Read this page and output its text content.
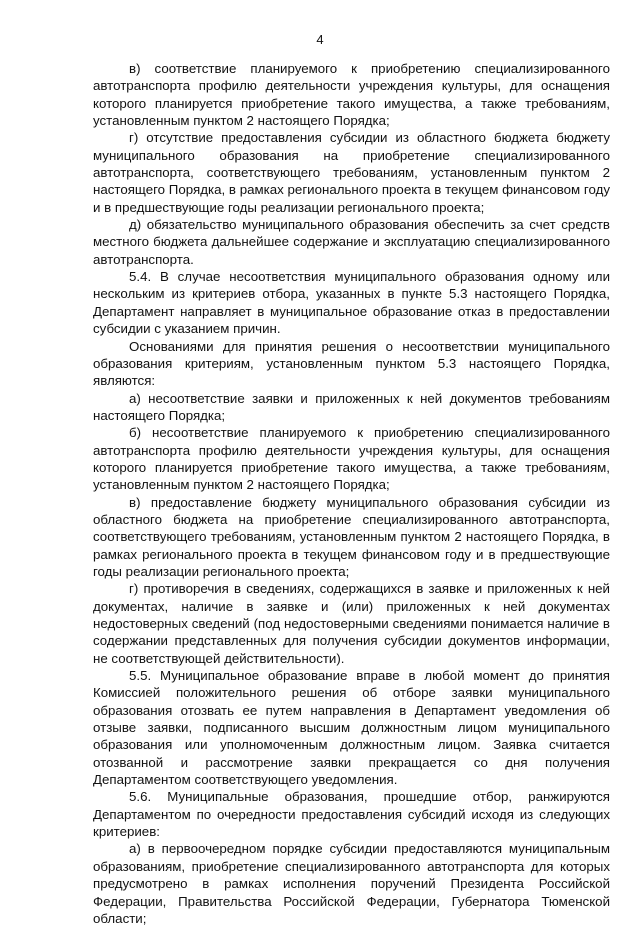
4

в) соответствие планируемого к приобретению специализированного автотранспорта профилю деятельности учреждения культуры, для оснащения которого планируется приобретение такого имущества, а также требованиям, установленным пунктом 2 настоящего Порядка;

г) отсутствие предоставления субсидии из областного бюджета бюджету муниципального образования на приобретение специализированного автотранспорта, соответствующего требованиям, установленным пунктом 2 настоящего Порядка, в рамках регионального проекта в текущем финансовом году и в предшествующие годы реализации регионального проекта;

д) обязательство муниципального образования обеспечить за счет средств местного бюджета дальнейшее содержание и эксплуатацию специализированного автотранспорта.

5.4. В случае несоответствия муниципального образования одному или нескольким из критериев отбора, указанных в пункте 5.3 настоящего Порядка, Департамент направляет в муниципальное образование отказ в предоставлении субсидии с указанием причин.

Основаниями для принятия решения о несоответствии муниципального образования критериям, установленным пунктом 5.3 настоящего Порядка, являются:

а) несоответствие заявки и приложенных к ней документов требованиям настоящего Порядка;

б) несоответствие планируемого к приобретению специализированного автотранспорта профилю деятельности учреждения культуры, для оснащения которого планируется приобретение такого имущества, а также требованиям, установленным пунктом 2 настоящего Порядка;

в) предоставление бюджету муниципального образования субсидии из областного бюджета на приобретение специализированного автотранспорта, соответствующего требованиям, установленным пунктом 2 настоящего Порядка, в рамках регионального проекта в текущем финансовом году и в предшествующие годы реализации регионального проекта;

г) противоречия в сведениях, содержащихся в заявке и приложенных к ней документах, наличие в заявке и (или) приложенных к ней документах недостоверных сведений (под недостоверными сведениями понимается наличие в содержании представленных для получения субсидии документов информации, не соответствующей действительности).

5.5. Муниципальное образование вправе в любой момент до принятия Комиссией положительного решения об отборе заявки муниципального образования отозвать ее путем направления в Департамент уведомления об отзыве заявки, подписанного высшим должностным лицом муниципального образования или уполномоченным должностным лицом. Заявка считается отозванной и рассмотрение заявки прекращается со дня получения Департаментом соответствующего уведомления.

5.6. Муниципальные образования, прошедшие отбор, ранжируются Департаментом по очередности предоставления субсидий исходя из следующих критериев:

а) в первоочередном порядке субсидии предоставляются муниципальным образованиям, приобретение специализированного автотранспорта для которых предусмотрено в рамках исполнения поручений Президента Российской Федерации, Правительства Российской Федерации, Губернатора Тюменской области;
